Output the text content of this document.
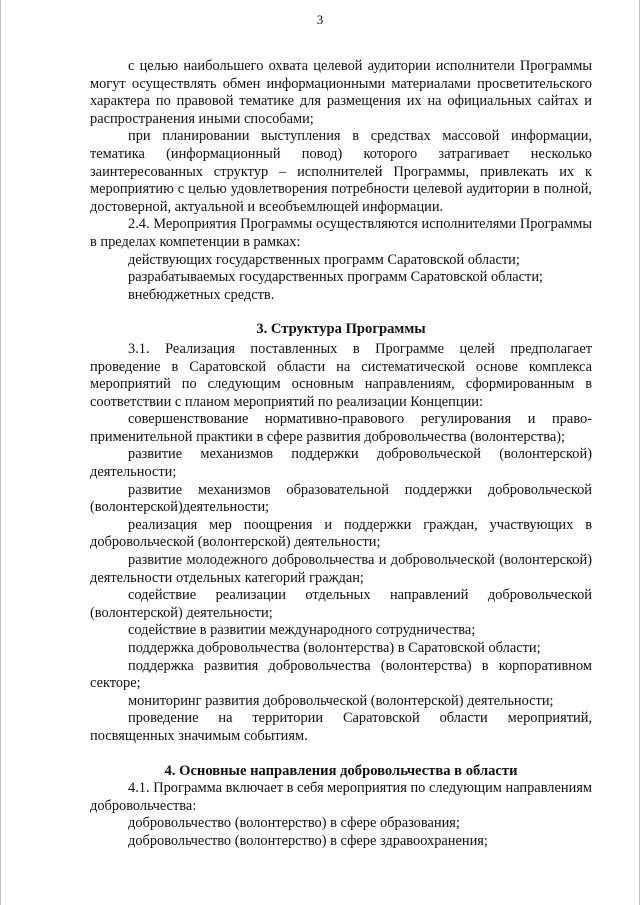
3

с целью наибольшего охвата целевой аудитории исполнители Программы могут осуществлять обмен информационными материалами просветительского характера по правовой тематике для размещения их на официальных сайтах и распространения иными способами;

при планировании выступления в средствах массовой информации, тематика (информационный повод) которого затрагивает несколько заинтересованных структур – исполнителей Программы, привлекать их к мероприятию с целью удовлетворения потребности целевой аудитории в полной, достоверной, актуальной и всеобъемлющей информации.

2.4. Мероприятия Программы осуществляются исполнителями Программы в пределах компетенции в рамках:

действующих государственных программ Саратовской области;

разрабатываемых государственных программ Саратовской области;

внебюджетных средств.

3. Структура Программы

3.1. Реализация поставленных в Программе целей предполагает проведение в Саратовской области на систематической основе комплекса мероприятий по следующим основным направлениям, сформированным в соответствии с планом мероприятий по реализации Концепции:

совершенствование нормативно-правового регулирования и право-применительной практики в сфере развития добровольчества (волонтерства);

развитие механизмов поддержки добровольческой (волонтерской) деятельности;

развитие механизмов образовательной поддержки добровольческой (волонтерской)деятельности;

реализация мер поощрения и поддержки граждан, участвующих в добровольческой (волонтерской) деятельности;

развитие молодежного добровольчества и добровольческой (волонтерской) деятельности отдельных категорий граждан;

содействие реализации отдельных направлений добровольческой (волонтерской) деятельности;

содействие в развитии международного сотрудничества;

поддержка добровольчества (волонтерства) в Саратовской области;

поддержка развития добровольчества (волонтерства) в корпоративном секторе;

мониторинг развития добровольческой (волонтерской) деятельности;

проведение на территории Саратовской области мероприятий, посвященных значимым событиям.

4. Основные направления добровольчества в области

4.1. Программа включает в себя мероприятия по следующим направлениям добровольчества:

добровольчество (волонтерство) в сфере образования;

добровольчество (волонтерство) в сфере здравоохранения;
